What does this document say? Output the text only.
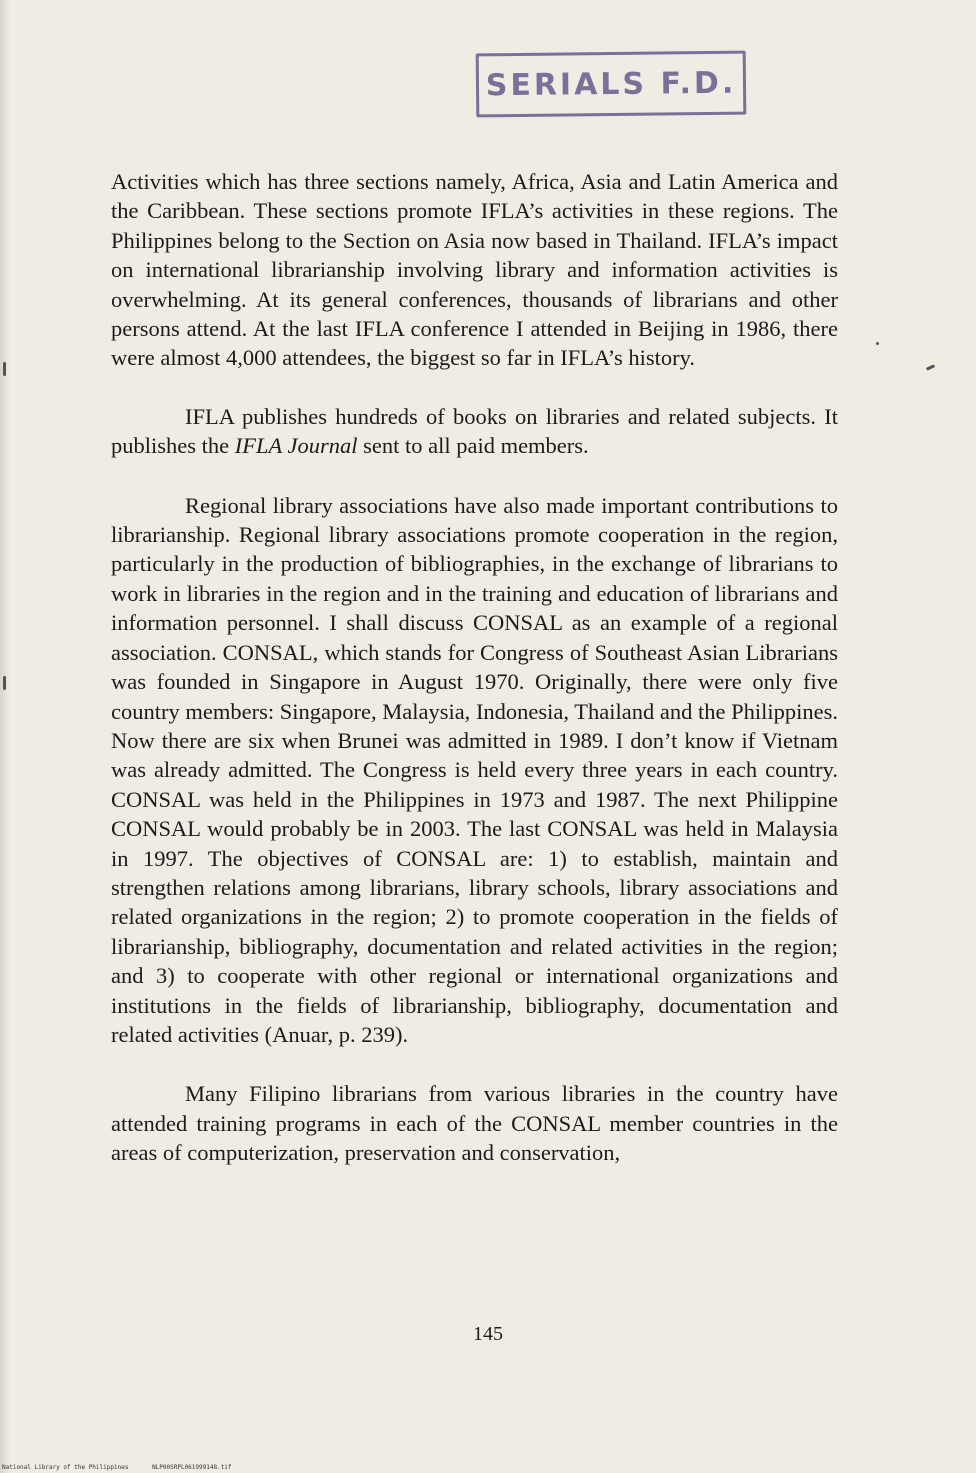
SERIALS F.D.

Activities which has three sections namely, Africa, Asia and Latin America and the Caribbean. These sections promote IFLA’s activities in these regions. The Philippines belong to the Section on Asia now based in Thailand. IFLA’s impact on international librarianship involving library and information activities is overwhelming. At its general conferences, thousands of librarians and other persons attend. At the last IFLA conference I attended in Beijing in 1986, there were almost 4,000 attendees, the biggest so far in IFLA’s history.

IFLA publishes hundreds of books on libraries and related subjects. It publishes the IFLA Journal sent to all paid members.

Regional library associations have also made important contributions to librarianship. Regional library associations promote cooperation in the region, particularly in the production of bibliographies, in the exchange of librarians to work in libraries in the region and in the training and education of librarians and information personnel. I shall discuss CONSAL as an example of a regional association. CONSAL, which stands for Congress of Southeast Asian Librarians was founded in Singapore in August 1970. Originally, there were only five country members: Singapore, Malaysia, Indonesia, Thailand and the Philippines. Now there are six when Brunei was admitted in 1989. I don’t know if Vietnam was already admitted. The Congress is held every three years in each country. CONSAL was held in the Philippines in 1973 and 1987. The next Philippine CONSAL would probably be in 2003. The last CONSAL was held in Malaysia in 1997. The objectives of CONSAL are: 1) to establish, maintain and strengthen relations among librarians, library schools, library associations and related organizations in the region; 2) to promote cooperation in the fields of librarianship, bibliography, documentation and related activities in the region; and 3) to cooperate with other regional or international organizations and institutions in the fields of librarianship, bibliography, documentation and related activities (Anuar, p. 239).

Many Filipino librarians from various libraries in the country have attended training programs in each of the CONSAL member countries in the areas of computerization, preservation and conservation,

145
National Library of the Philippines	NLP00SRPL061999148.tif
